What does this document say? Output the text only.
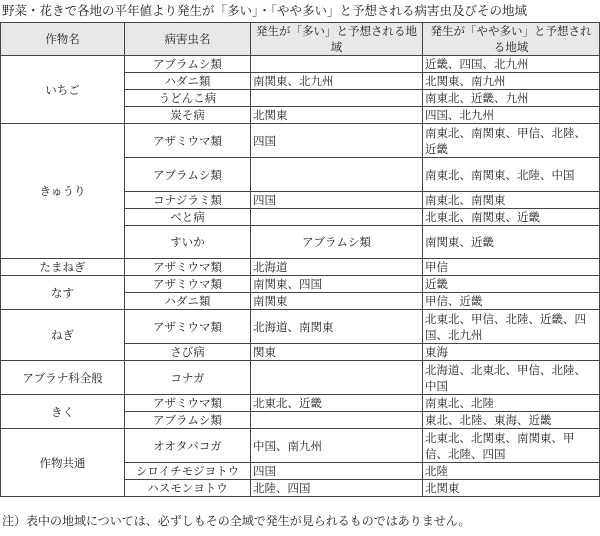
野菜・花きで各地の平年値より発生が「多い」・「やや多い」と予想される病害虫及びその地域
作物名	病害虫名	発生が「多い」と予想される地域	発生が「やや多い」と予想される地域	
いちご	アブラムシ類		近畿、四国、北九州	
	ハダニ類	南関東、北九州	北関東、南九州	
	うどんこ病		南東北、近畿、九州	
	炭そ病	北関東	四国、北九州	
きゅうり	アザミウマ類	四国	南東北、南関東、甲信、北陸、近畿	
	アブラムシ類		南東北、南関東、北陸、中国	
	コナジラミ類	四国	南東北、南関東	
	べと病		北東北、南関東、近畿	
	すいか	アブラムシ類	南関東、近畿	
たまねぎ	アザミウマ類	北海道	甲信	
なす	アザミウマ類	南関東、四国	近畿	
	ハダニ類	南関東	甲信、近畿	
ねぎ	アザミウマ類	北海道、南関東	北東北、甲信、北陸、近畿、四国、北九州	
	さび病	関東	東海	
アブラナ科全般	コナガ		北海道、北東北、甲信、北陸、中国	
きく	アザミウマ類	北東北、近畿	南東北、北陸	
	アブラムシ類		東北、北陸、東海、近畿	
作物共通	オオタバコガ	中国、南九州	北東北、北関東、南関東、甲信、北陸、四国	
	シロイチモジヨトウ	四国	北陸	
	ハスモンヨトウ	北陸、四国	北関東	
注）表中の地域については、必ずしもその全域で発生が見られるものではありません。
